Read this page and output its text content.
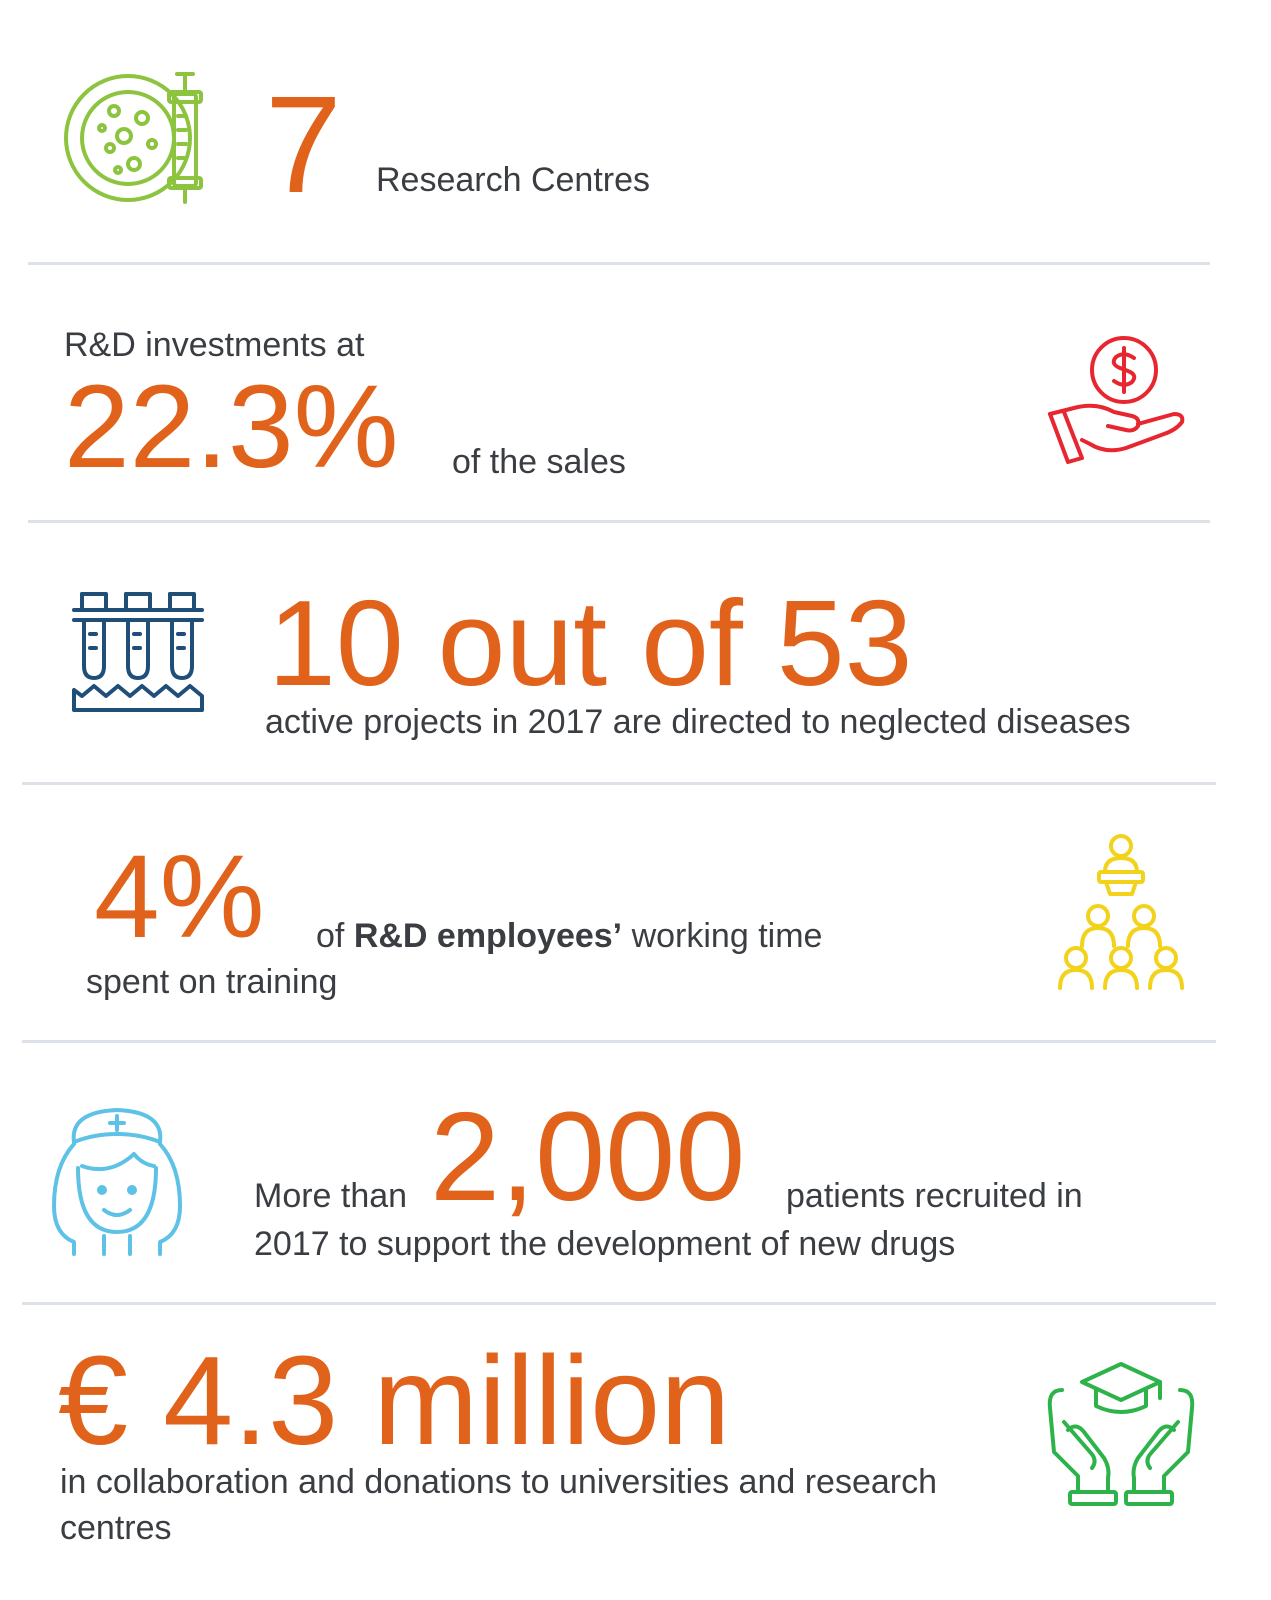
7 Research Centres
R&D investments at
22.3% of the sales
10 out of 53
active projects in 2017 are directed to neglected diseases
4% of R&D employees’ working time
spent on training
More than 2,000 patients recruited in
2017 to support the development of new drugs
€ 4.3 million
in collaboration and donations to universities and research
centres
